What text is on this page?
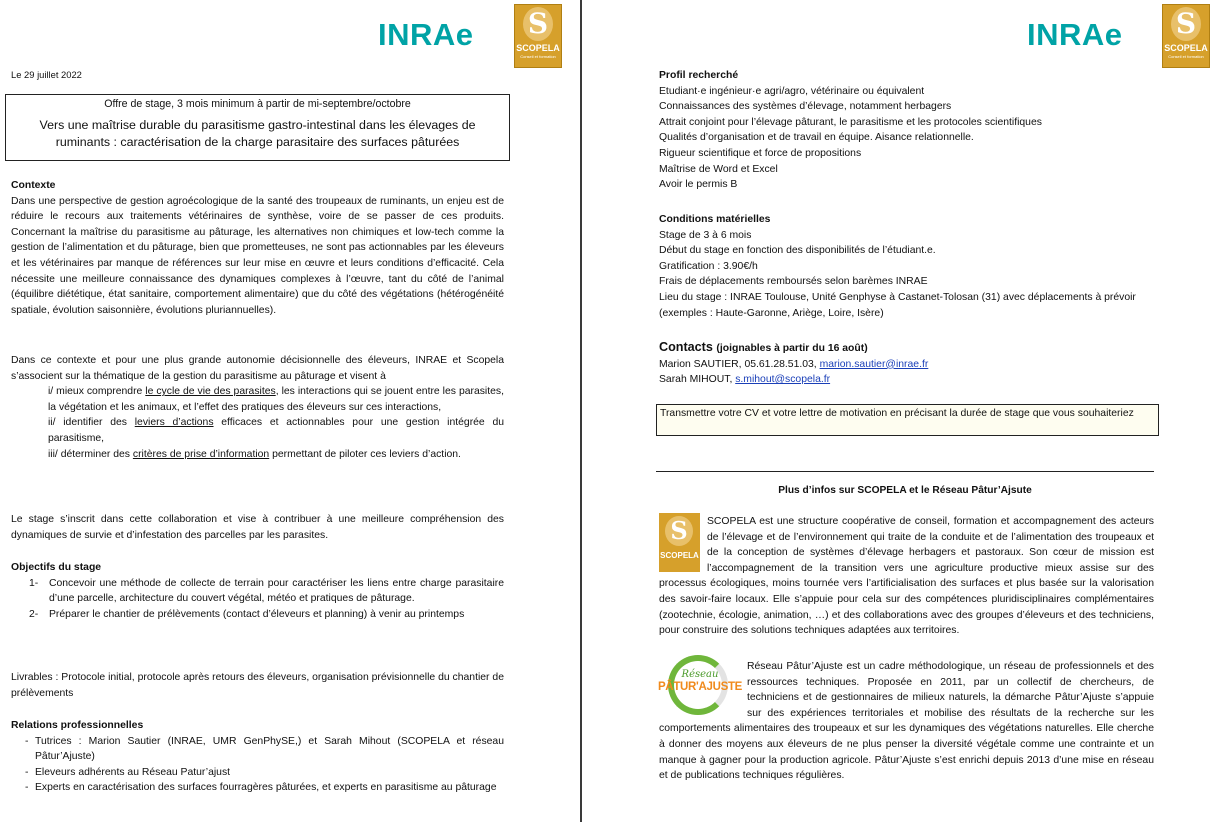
INRAe S
SCOPELA
Conseil et formation
Le 29 juillet 2022
Offre de stage, 3 mois minimum à partir de mi-septembre/octobre
Vers une maîtrise durable du parasitisme gastro-intestinal dans les élevages de ruminants : caractérisation de la charge parasitaire des surfaces pâturées
Contexte
Dans une perspective de gestion agroécologique de la santé des troupeaux de ruminants, un enjeu est de réduire le recours aux traitements vétérinaires de synthèse, voire de se passer de ces produits. Concernant la maîtrise du parasitisme au pâturage, les alternatives non chimiques et low-tech comme la gestion de l’alimentation et du pâturage, bien que prometteuses, ne sont pas actionnables par les éleveurs et les vétérinaires par manque de références sur leur mise en œuvre et leurs conditions d’efficacité. Cela nécessite une meilleure connaissance des dynamiques complexes à l’œuvre, tant du côté de l’animal (équilibre diététique, état sanitaire, comportement alimentaire) que du côté des végétations (hétérogénéité spatiale, évolution saisonnière, évolutions pluriannuelles).
Dans ce contexte et pour une plus grande autonomie décisionnelle des éleveurs, INRAE et Scopela s’associent sur la thématique de la gestion du parasitisme au pâturage et visent à
i/ mieux comprendre le cycle de vie des parasites, les interactions qui se jouent entre les parasites, la végétation et les animaux, et l’effet des pratiques des éleveurs sur ces interactions,
ii/ identifier des leviers d’actions efficaces et actionnables pour une gestion intégrée du parasitisme,
iii/ déterminer des critères de prise d’information permettant de piloter ces leviers d’action.
Le stage s’inscrit dans cette collaboration et vise à contribuer à une meilleure compréhension des dynamiques de survie et d’infestation des parcelles par les parasites.
Objectifs du stage
1- Concevoir une méthode de collecte de terrain pour caractériser les liens entre charge parasitaire d’une parcelle, architecture du couvert végétal, météo et pratiques de pâturage.
2- Préparer le chantier de prélèvements (contact d’éleveurs et planning) à venir au printemps
Livrables : Protocole initial, protocole après retours des éleveurs, organisation prévisionnelle du chantier de prélèvements
Relations professionnelles
- Tutrices : Marion Sautier (INRAE, UMR GenPhySE,) et Sarah Mihout (SCOPELA et réseau Pâtur’Ajuste)
- Eleveurs adhérents au Réseau Patur’ajust
- Experts en caractérisation des surfaces fourragères pâturées, et experts en parasitisme au pâturage
INRAe S
SCOPELA
Conseil et formation
Profil recherché
Etudiant·e ingénieur·e agri/agro, vétérinaire ou équivalent
Connaissances des systèmes d’élevage, notamment herbagers
Attrait conjoint pour l’élevage pâturant, le parasitisme et les protocoles scientifiques
Qualités d’organisation et de travail en équipe. Aisance relationnelle.
Rigueur scientifique et force de propositions
Maîtrise de Word et Excel
Avoir le permis B
Conditions matérielles
Stage de 3 à 6 mois
Début du stage en fonction des disponibilités de l’étudiant.e.
Gratification : 3.90€/h
Frais de déplacements remboursés selon barèmes INRAE
Lieu du stage : INRAE Toulouse, Unité Genphyse à Castanet-Tolosan (31) avec déplacements à prévoir (exemples : Haute-Garonne, Ariège, Loire, Isère)
Contacts (joignables à partir du 16 août)
Marion SAUTIER, 05.61.28.51.03, marion.sautier@inrae.fr
Sarah MIHOUT, s.mihout@scopela.fr
Transmettre votre CV et votre lettre de motivation en précisant la durée de stage que vous souhaiteriez
Plus d’infos sur SCOPELA et le Réseau Pâtur’Ajsute
SCOPELA est une structure coopérative de conseil, formation et accompagnement des acteurs de l’élevage et de l’environnement qui traite de la conduite et de l’alimentation des troupeaux et de la conception de systèmes d’élevage herbagers et pastoraux. Son cœur de mission est l’accompagnement de la transition vers une agriculture productive mieux assise sur des processus écologiques, moins tournée vers l’artificialisation des surfaces et plus basée sur la valorisation des savoir-faire locaux. Elle s’appuie pour cela sur des compétences pluridisciplinaires complémentaires (zootechnie, écologie, animation, …) et des collaborations avec des groupes d’éleveurs et des techniciens, pour construire des solutions techniques adaptées aux territoires.
S
SCOPELA
Réseau Pâtur’Ajuste est un cadre méthodologique, un réseau de professionnels et des ressources techniques. Proposée en 2011, par un collectif de chercheurs, de techniciens et de gestionnaires de milieux naturels, la démarche Pâtur’Ajuste s’appuie sur des expériences territoriales et mobilise des résultats de la recherche sur les comportements alimentaires des troupeaux et sur les dynamiques des végétations naturelles. Elle cherche à donner des moyens aux éleveurs de ne plus penser la diversité végétale comme une contrainte et un manque à gagner pour la production agricole. Pâtur’Ajuste s’est enrichi depuis 2013 d’une mise en réseau et de publications techniques régulières.
Réseau
PÂTUR'AJUSTE
